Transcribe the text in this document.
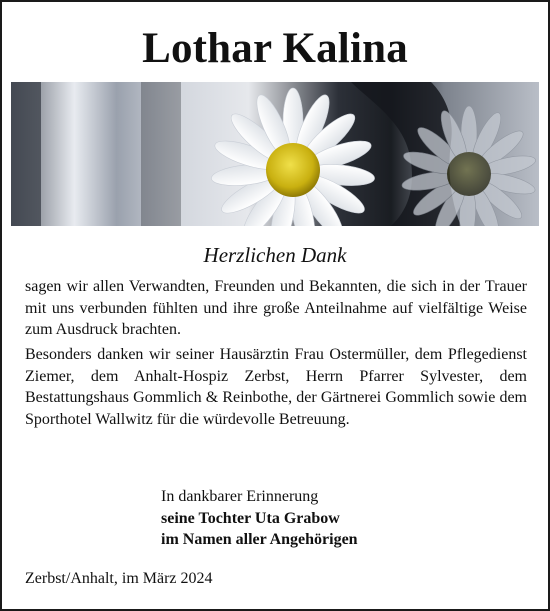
Lothar Kalina
Herzlichen Dank

sagen wir allen Verwandten, Freunden und Bekannten, die sich in der Trauer mit uns verbunden fühlten und ihre große Anteilnahme auf vielfältige Weise zum Ausdruck brachten.

Besonders danken wir seiner Hausärztin Frau Ostermüller, dem Pflegedienst Ziemer, dem Anhalt-Hospiz Zerbst, Herrn Pfarrer Sylvester, dem Bestattungshaus Gommlich & Reinbothe, der Gärtnerei Gommlich sowie dem Sporthotel Wallwitz für die würdevolle Betreuung.

In dankbarer Erinnerung
seine Tochter Uta Grabow
im Namen aller Angehörigen
Zerbst/Anhalt, im März 2024
